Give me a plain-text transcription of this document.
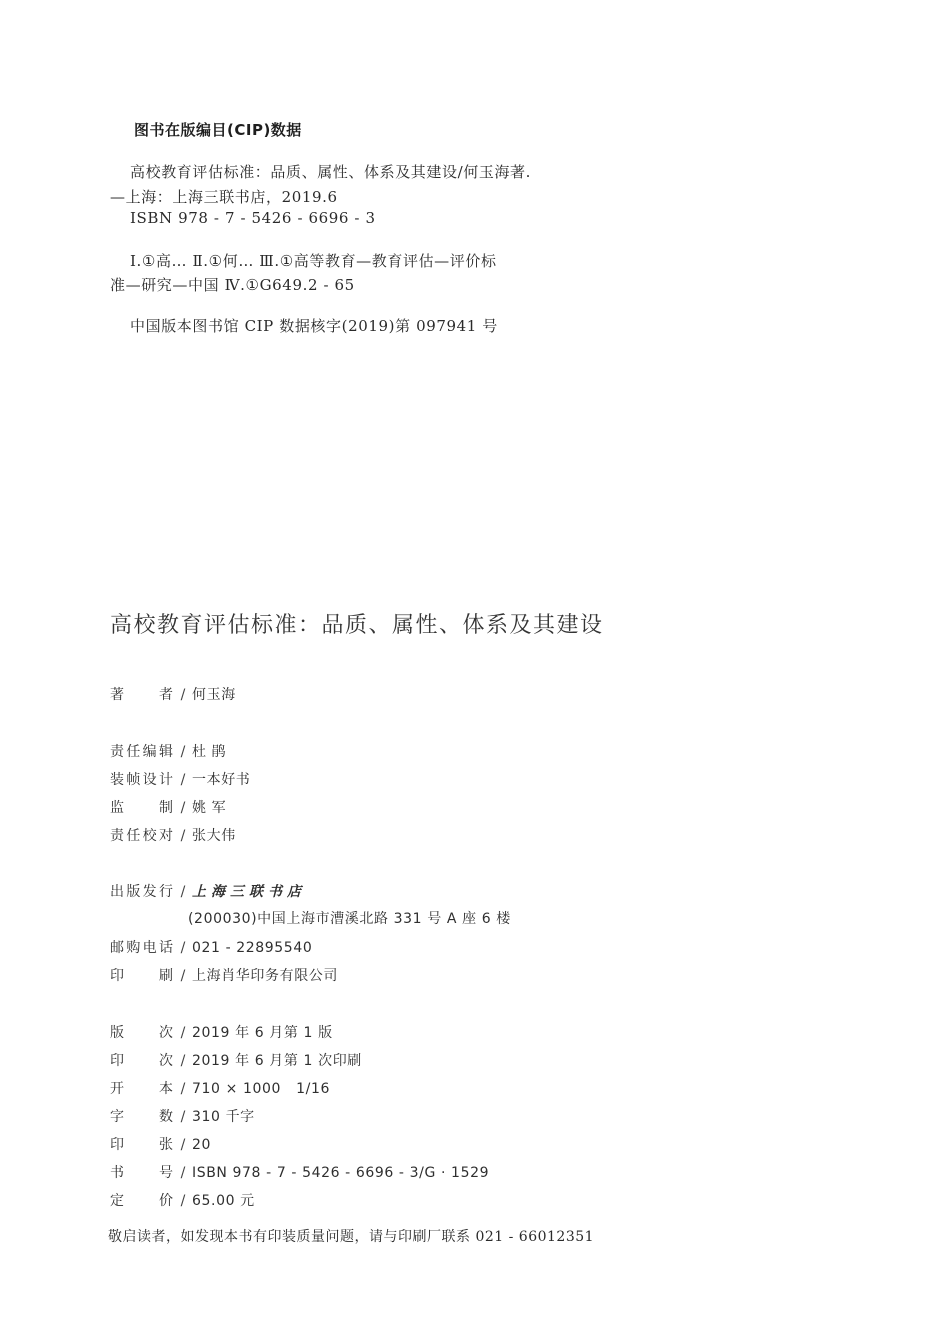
图书在版编目(CIP)数据
高校教育评估标准：品质、属性、体系及其建设/何玉海著.
—上海：上海三联书店，2019.6
ISBN 978 - 7 - 5426 - 6696 - 3
Ⅰ.①高… Ⅱ.①何… Ⅲ.①高等教育—教育评估—评价标
准—研究—中国 Ⅳ.①G649.2 - 65
中国版本图书馆 CIP 数据核字(2019)第 097941 号
高校教育评估标准：品质、属性、体系及其建设
著者 / 何玉海
责任编辑 / 杜 鹃
装帧设计 / 一本好书
监制 / 姚 军
责任校对 / 张大伟
出版发行 / 上海三联书店
(200030)中国上海市漕溪北路 331 号 A 座 6 楼
邮购电话 / 021 - 22895540
印刷 / 上海肖华印务有限公司
版次 / 2019 年 6 月第 1 版
印次 / 2019 年 6 月第 1 次印刷
开本 / 710 × 1000   1/16
字数 / 310 千字
印张 / 20
书号 / ISBN 978 - 7 - 5426 - 6696 - 3/G · 1529
定价 / 65.00 元
敬启读者，如发现本书有印装质量问题，请与印刷厂联系 021 - 66012351
